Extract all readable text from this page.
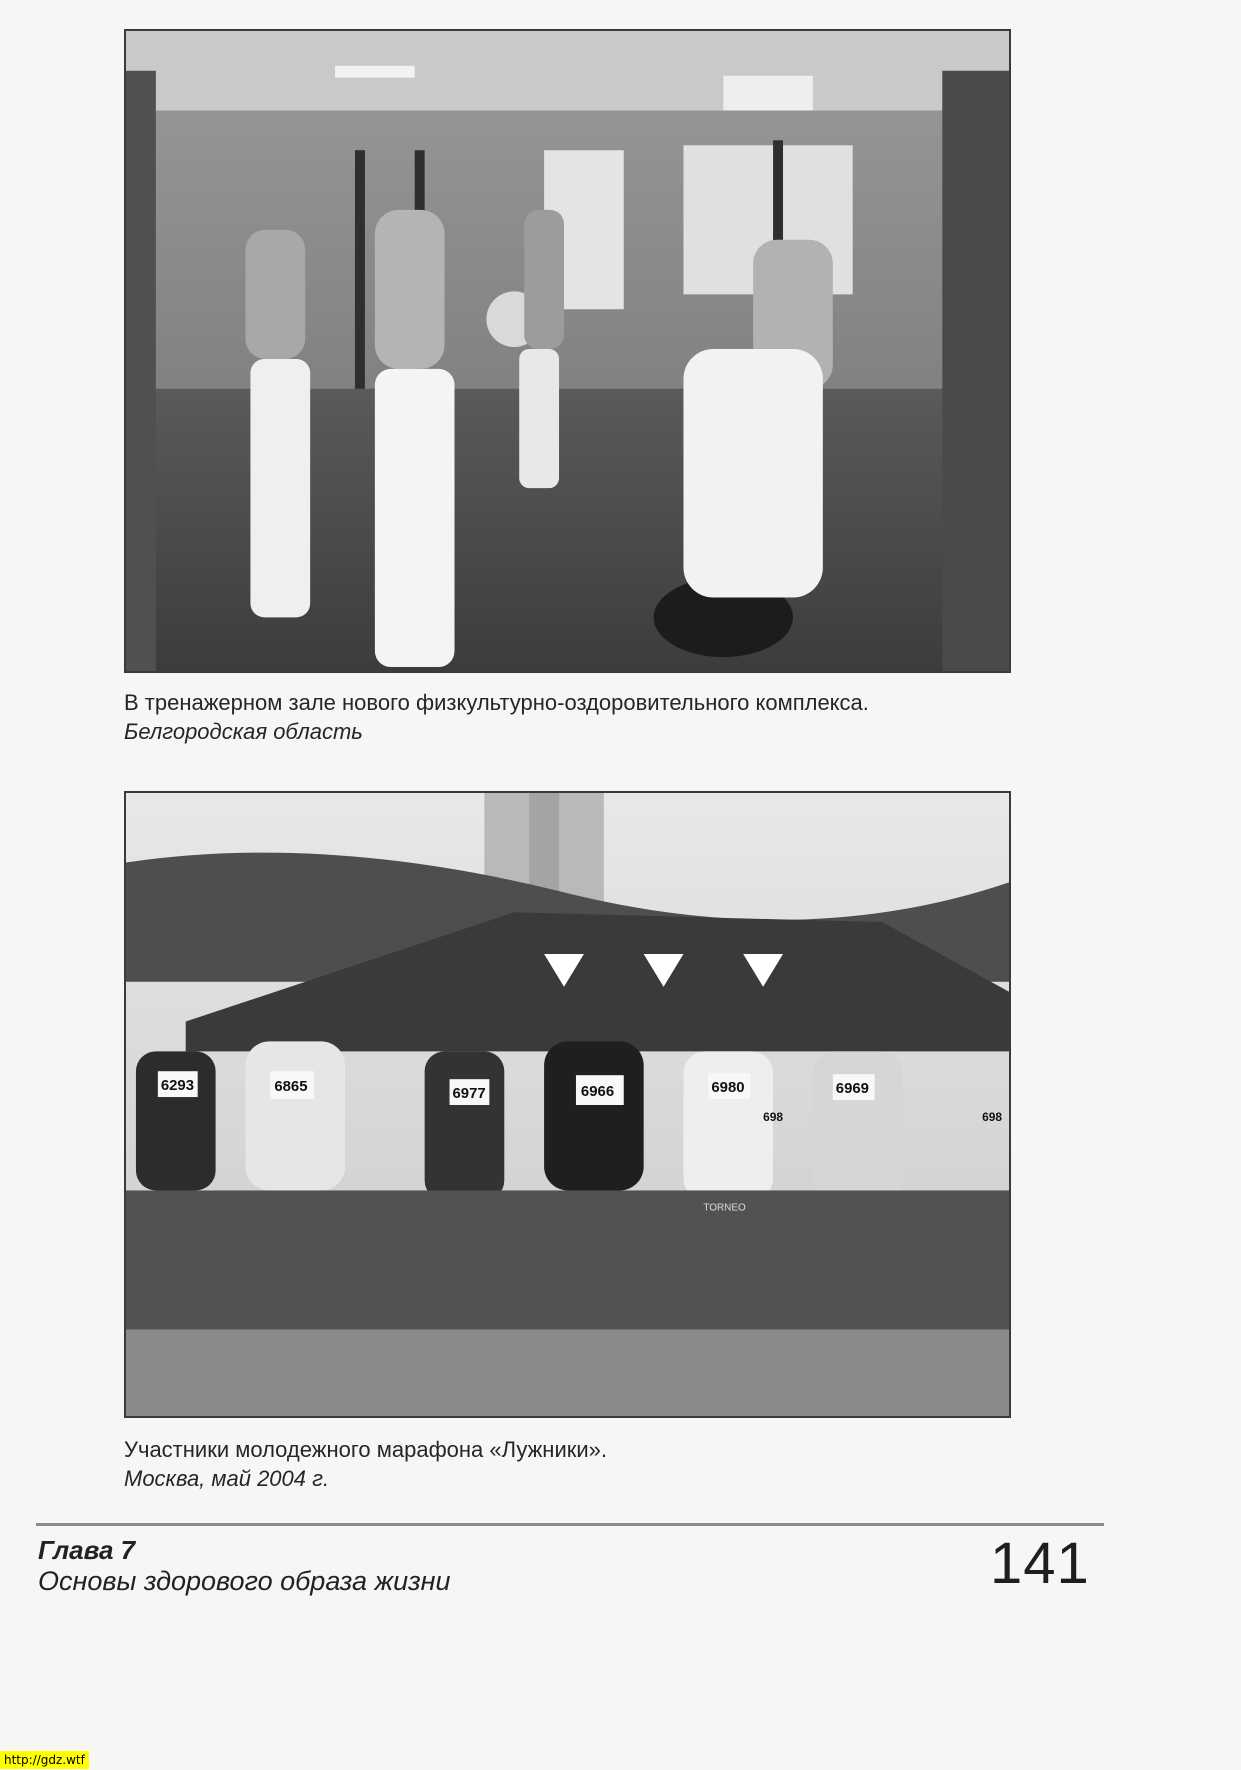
В тренажерном зале нового физкультурно-оздоровительного комплекса.
Белгородская область
6293	6865	6977	6966	6980	6969
698	698
TORNEO
Участники молодежного марафона «Лужники».
Москва, май 2004 г.
Глава 7
Основы здорового образа жизни	141
http://gdz.wtf
